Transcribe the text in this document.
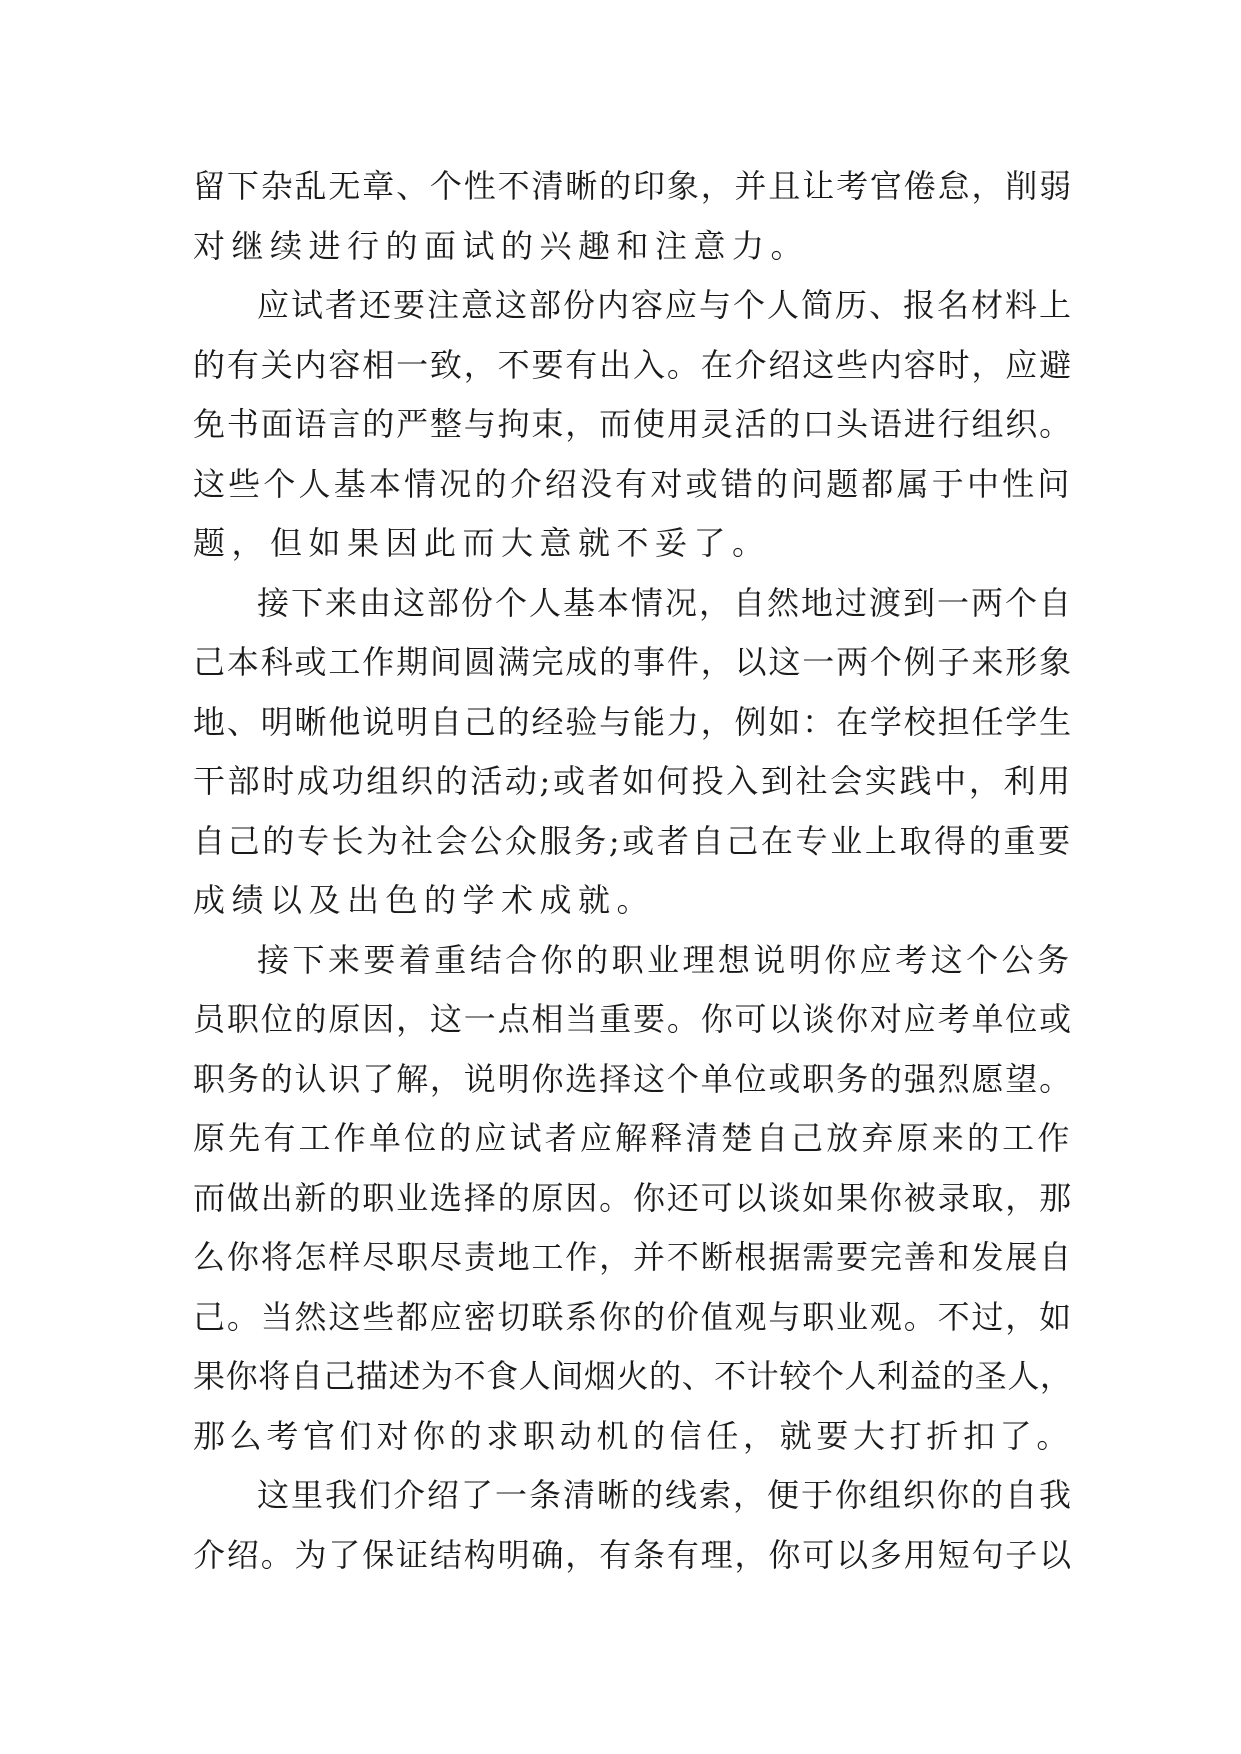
留下杂乱无章、个性不清晰的印象，并且让考官倦怠，削弱
对继续进行的面试的兴趣和注意力。
应试者还要注意这部份内容应与个人简历、报名材料上
的有关内容相一致，不要有出入。在介绍这些内容时，应避
免书面语言的严整与拘束，而使用灵活的口头语进行组织。
这些个人基本情况的介绍没有对或错的问题都属于中性问
题，但如果因此而大意就不妥了。
接下来由这部份个人基本情况，自然地过渡到一两个自
己本科或工作期间圆满完成的事件，以这一两个例子来形象
地、明晰他说明自己的经验与能力，例如：在学校担任学生
干部时成功组织的活动;或者如何投入到社会实践中，利用
自己的专长为社会公众服务;或者自己在专业上取得的重要
成绩以及出色的学术成就。
接下来要着重结合你的职业理想说明你应考这个公务
员职位的原因，这一点相当重要。你可以谈你对应考单位或
职务的认识了解，说明你选择这个单位或职务的强烈愿望。
原先有工作单位的应试者应解释清楚自己放弃原来的工作
而做出新的职业选择的原因。你还可以谈如果你被录取，那
么你将怎样尽职尽责地工作，并不断根据需要完善和发展自
己。当然这些都应密切联系你的价值观与职业观。不过，如
果你将自己描述为不食人间烟火的、不计较个人利益的圣人，
那么考官们对你的求职动机的信任，就要大打折扣了。
这里我们介绍了一条清晰的线索，便于你组织你的自我
介绍。为了保证结构明确，有条有理，你可以多用短句子以
